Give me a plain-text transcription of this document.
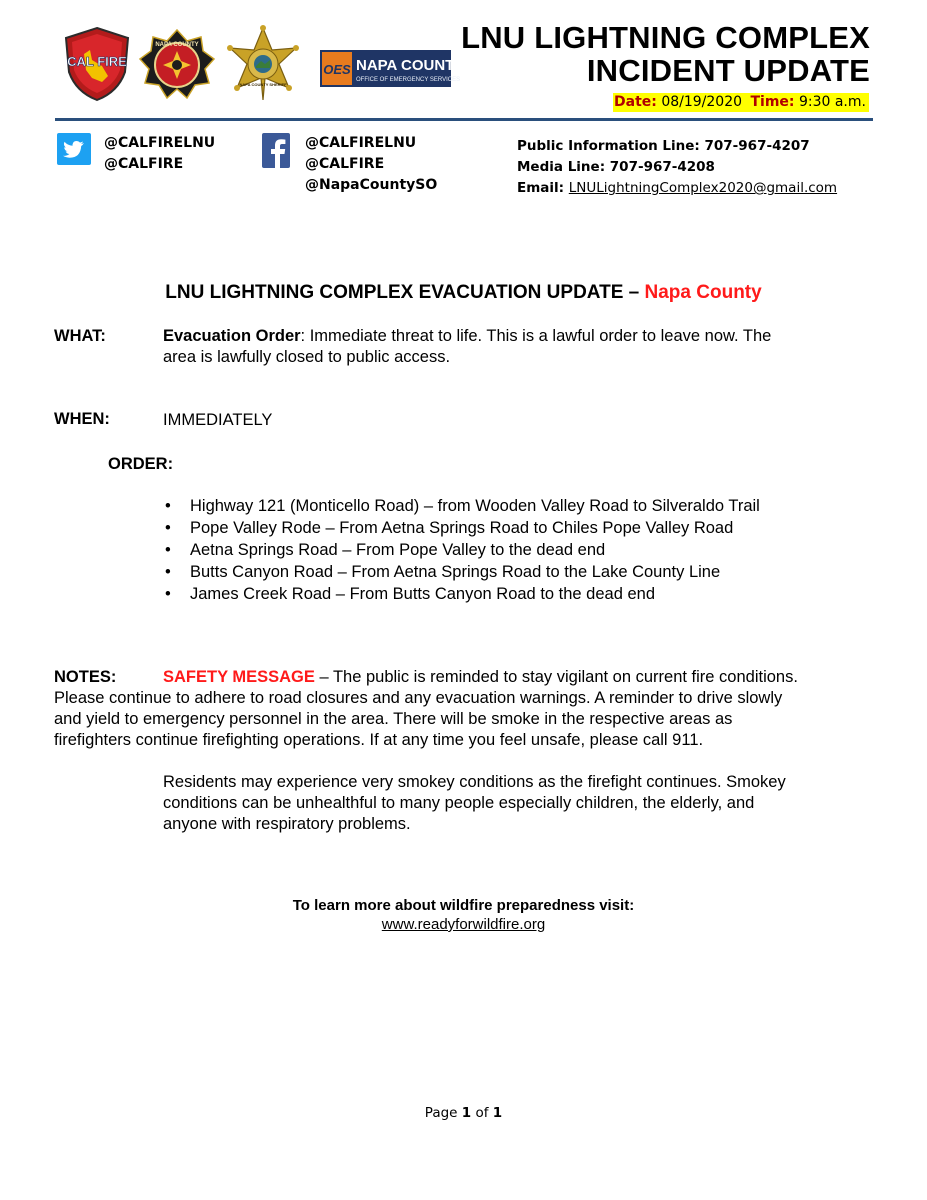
CAL FIRE
NAPA COUNTY
NAPA COUNTY SHERIFF
OES NAPA COUNTY
OFFICE OF EMERGENCY SERVICES
LNU LIGHTNING COMPLEX
INCIDENT UPDATE
Date: 08/19/2020 Time: 9:30 a.m.
@CALFIRELNU
@CALFIRE
@CALFIRELNU
@CALFIRE
@NapaCountySO
Public Information Line: 707-967-4207
Media Line: 707-967-4208
Email: LNULightningComplex2020@gmail.com
LNU LIGHTNING COMPLEX EVACUATION UPDATE – Napa County
WHAT:	Evacuation Order: Immediate threat to life. This is a lawful order to leave now. The
area is lawfully closed to public access.
WHEN:	IMMEDIATELY
ORDER:
• Highway 121 (Monticello Road) – from Wooden Valley Road to Silveraldo Trail
• Pope Valley Rode – From Aetna Springs Road to Chiles Pope Valley Road
• Aetna Springs Road – From Pope Valley to the dead end
• Butts Canyon Road – From Aetna Springs Road to the Lake County Line
• James Creek Road – From Butts Canyon Road to the dead end
NOTES:	SAFETY MESSAGE – The public is reminded to stay vigilant on current fire conditions.
Please continue to adhere to road closures and any evacuation warnings. A reminder to drive slowly
and yield to emergency personnel in the area. There will be smoke in the respective areas as
firefighters continue firefighting operations. If at any time you feel unsafe, please call 911.
Residents may experience very smokey conditions as the firefight continues. Smokey
conditions can be unhealthful to many people especially children, the elderly, and
anyone with respiratory problems.
To learn more about wildfire preparedness visit:
www.readyforwildfire.org
Page 1 of 1
